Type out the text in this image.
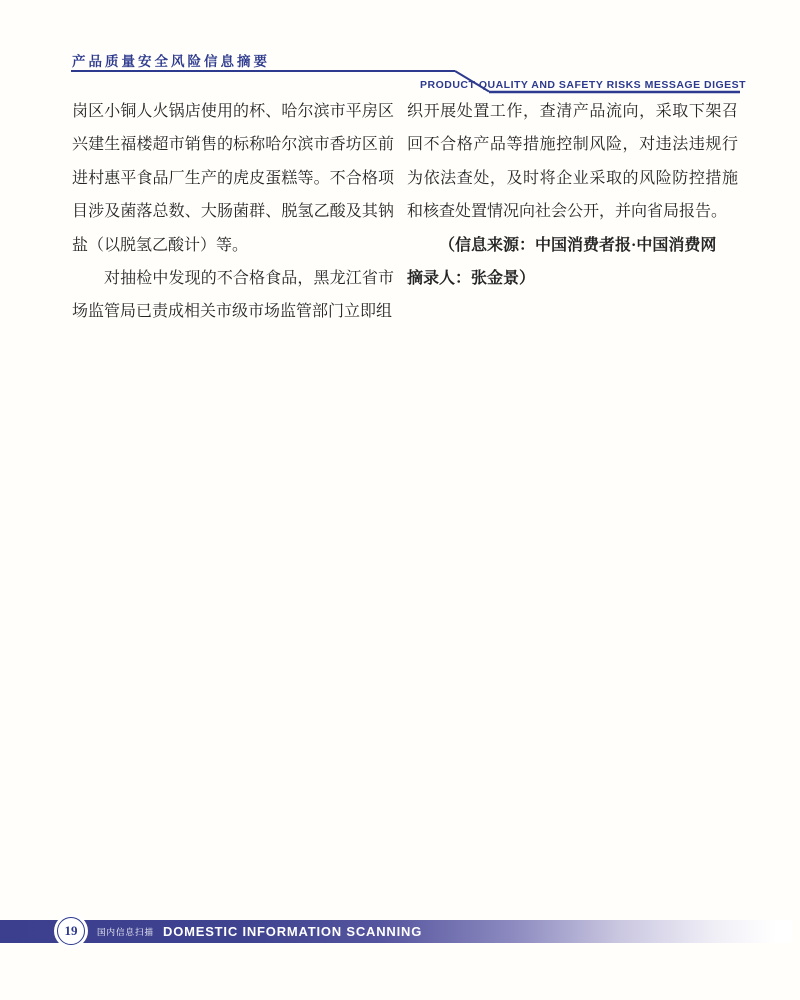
产品质量安全风险信息摘要
PRODUCT QUALITY AND SAFETY RISKS MESSAGE DIGEST

岗区小铜人火锅店使用的杯、哈尔滨市平房区兴建生福楼超市销售的标称哈尔滨市香坊区前进村惠平食品厂生产的虎皮蛋糕等。不合格项目涉及菌落总数、大肠菌群、脱氢乙酸及其钠盐（以脱氢乙酸计）等。

对抽检中发现的不合格食品，黑龙江省市场监管局已责成相关市级市场监管部门立即组

织开展处置工作，查清产品流向，采取下架召回不合格产品等措施控制风险，对违法违规行为依法查处，及时将企业采取的风险防控措施和核查处置情况向社会公开，并向省局报告。

（信息来源：中国消费者报·中国消费网

摘录人：张金景）

国内信息扫描 DOMESTIC INFORMATION SCANNING
19
